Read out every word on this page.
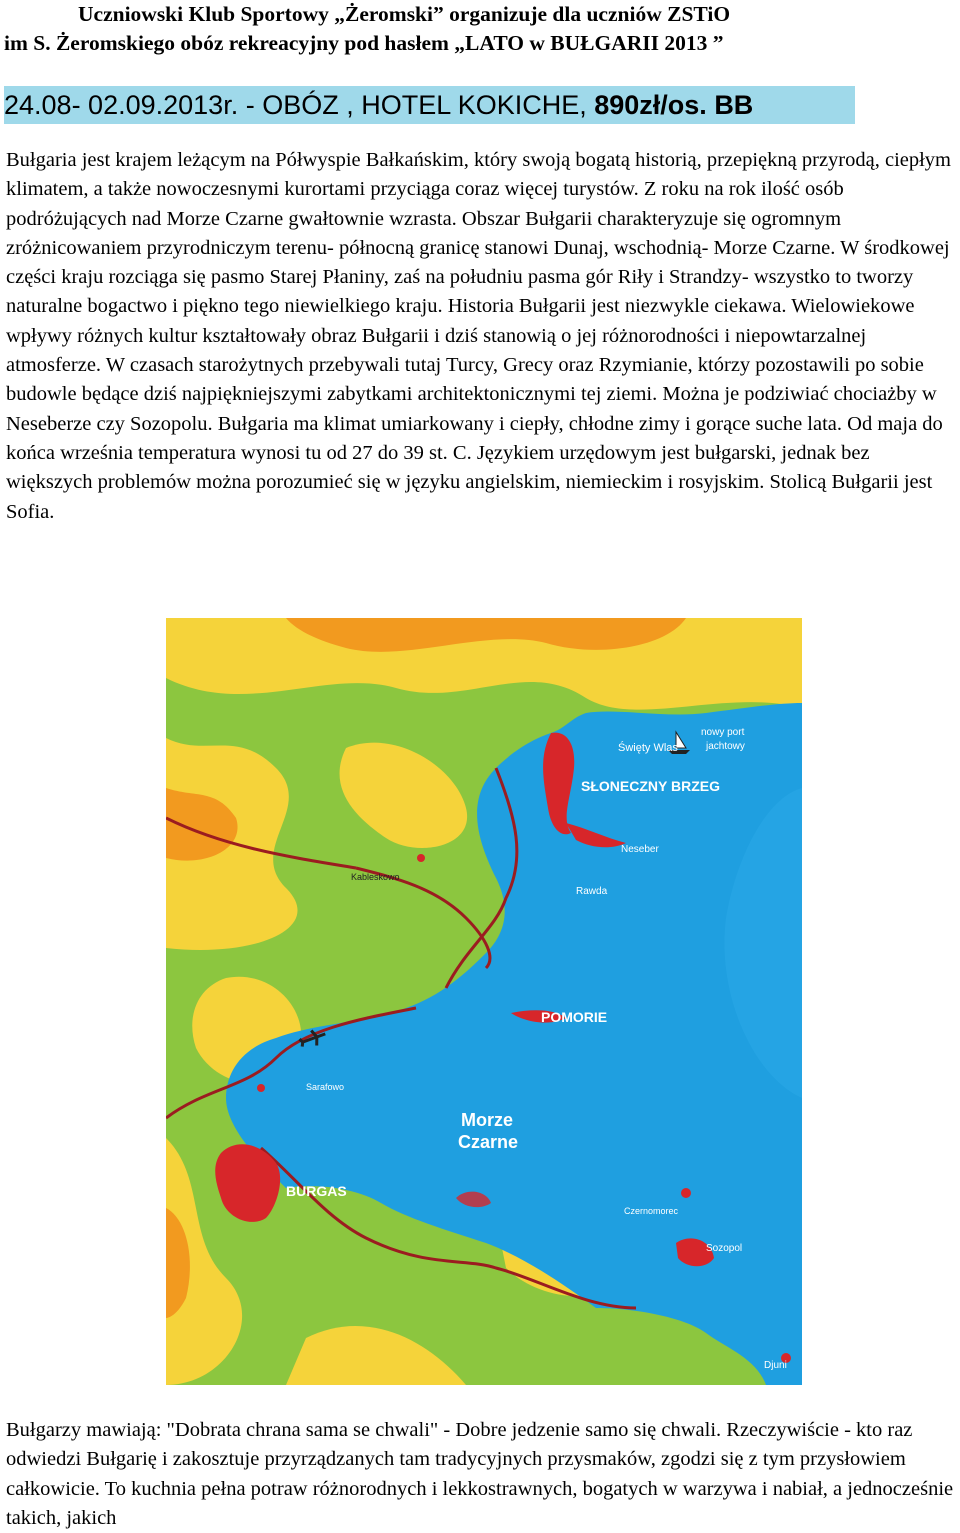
Uczniowski Klub Sportowy „Żeromski” organizuje dla uczniów ZSTiO
im S. Żeromskiego obóz rekreacyjny pod hasłem „LATO w BUŁGARII 2013 ”
24.08- 02.09.2013r. - OBÓZ , HOTEL KOKICHE, 890zł/os. BB
Bułgaria jest krajem leżącym na Półwyspie Bałkańskim, który swoją bogatą historią, przepiękną przyrodą, ciepłym klimatem, a także nowoczesnymi kurortami przyciąga coraz więcej turystów. Z roku na rok ilość osób podróżujących nad Morze Czarne gwałtownie wzrasta. Obszar Bułgarii charakteryzuje się ogromnym zróżnicowaniem przyrodniczym terenu- północną granicę stanowi Dunaj, wschodnią- Morze Czarne. W środkowej części kraju rozciąga się pasmo Starej Płaniny, zaś na południu pasma gór Riły i Strandzy- wszystko to tworzy naturalne bogactwo i piękno tego niewielkiego kraju. Historia Bułgarii jest niezwykle ciekawa. Wielowiekowe wpływy różnych kultur kształtowały obraz Bułgarii i dziś stanowią o jej różnorodności i niepowtarzalnej atmosferze. W czasach starożytnych przebywali tutaj Turcy, Grecy oraz Rzymianie, którzy pozostawili po sobie budowle będące dziś najpiękniejszymi zabytkami architektonicznymi tej ziemi. Można je podziwiać chociażby w Neseberze czy Sozopolu. Bułgaria ma klimat umiarkowany i ciepły, chłodne zimy i gorące suche lata. Od maja do końca września temperatura wynosi tu od 27 do 39 st. C. Językiem urzędowym jest bułgarski, jednak bez większych problemów można porozumieć się w języku angielskim, niemieckim i rosyjskim. Stolicą Bułgarii jest Sofia.
nowy port
jachtowy
Święty Wlas
SŁONECZNY BRZEG
Neseber
Rawda
Kableskowo
POMORIE
Sarafowo
Morze
Czarne
BURGAS
Czernomorec
Sozopol
Djuni
Bułgarzy mawiają: "Dobrata chrana sama se chwali" - Dobre jedzenie samo się chwali. Rzeczywiście - kto raz odwiedzi Bułgarię i zakosztuje przyrządzanych tam tradycyjnych przysmaków, zgodzi się z tym przysłowiem całkowicie. To kuchnia pełna potraw różnorodnych i lekkostrawnych, bogatych w warzywa i nabiał, a jednocześnie takich, jakich
